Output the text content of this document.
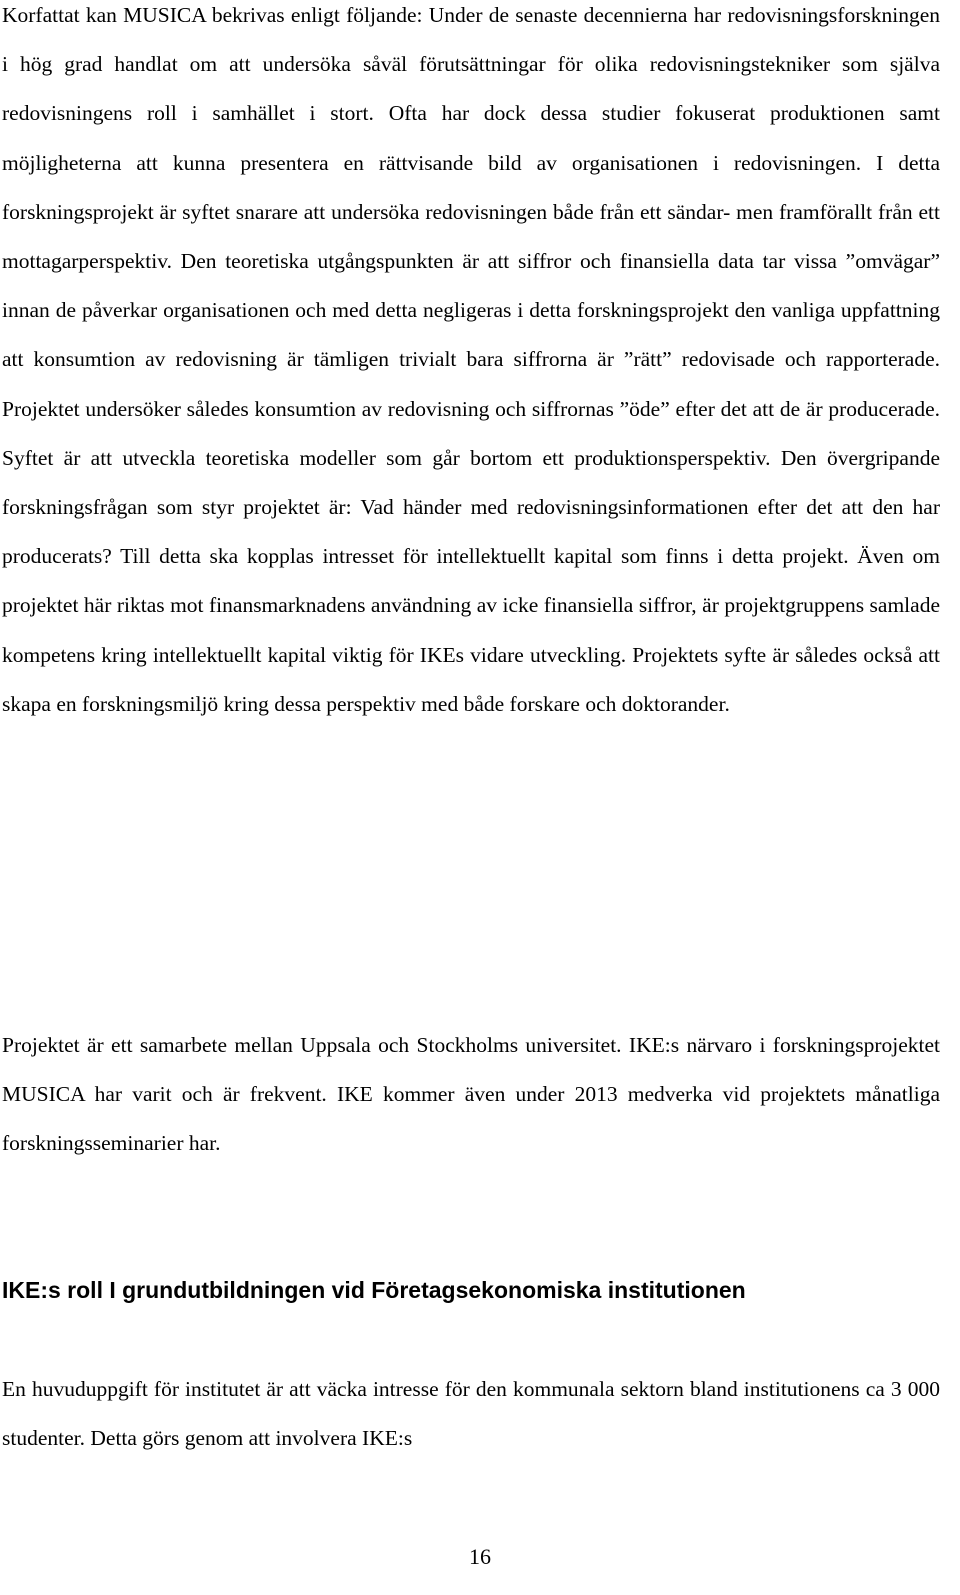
Korfattat kan MUSICA bekrivas enligt följande: Under de senaste decennierna har redovisningsforskningen i hög grad handlat om att undersöka såväl förutsättningar för olika redovisningstekniker som själva redovisningens roll i samhället i stort. Ofta har dock dessa studier fokuserat produktionen samt möjligheterna att kunna presentera en rättvisande bild av organisationen i redovisningen. I detta forskningsprojekt är syftet snarare att undersöka redovisningen både från ett sändar- men framförallt från ett mottagarperspektiv. Den teoretiska utgångspunkten är att siffror och finansiella data tar vissa ”omvägar” innan de påverkar organisationen och med detta negligeras i detta forskningsprojekt den vanliga uppfattning att konsumtion av redovisning är tämligen trivialt bara siffrorna är ”rätt” redovisade och rapporterade. Projektet undersöker således konsumtion av redovisning och siffrornas ”öde” efter det att de är producerade. Syftet är att utveckla teoretiska modeller som går bortom ett produktionsperspektiv. Den övergripande forskningsfrågan som styr projektet är: Vad händer med redovisningsinformationen efter det att den har producerats? Till detta ska kopplas intresset för intellektuellt kapital som finns i detta projekt. Även om projektet här riktas mot finansmarknadens användning av icke finansiella siffror, är projektgruppens samlade kompetens kring intellektuellt kapital viktig för IKEs vidare utveckling. Projektets syfte är således också att skapa en forskningsmiljö kring dessa perspektiv med både forskare och doktorander.

Projektet är ett samarbete mellan Uppsala och Stockholms universitet. IKE:s närvaro i forskningsprojektet MUSICA har varit och är frekvent. IKE kommer även under 2013 medverka vid projektets månatliga forskningsseminarier har.

IKE:s roll I grundutbildningen vid Företagsekonomiska institutionen

En huvuduppgift för institutet är att väcka intresse för den kommunala sektorn bland institutionens ca 3 000 studenter. Detta görs genom att involvera IKE:s

16
